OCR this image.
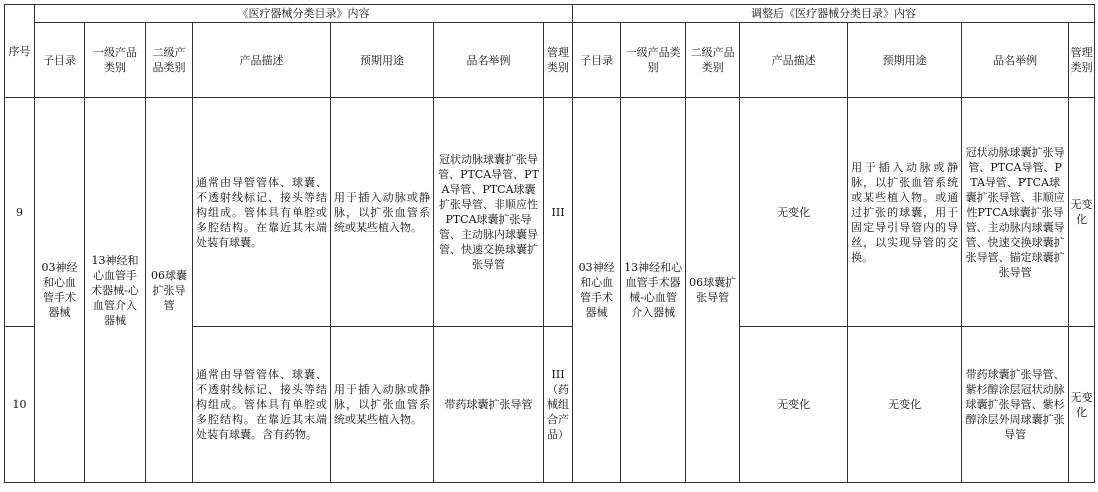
序号	《医疗器械分类目录》内容							调整后《医疗器械分类目录》内容						
	子目录	一级产品类别	二级产品类别	产品描述	预期用途	品名举例	管理类别	子目录	一级产品类别	二级产品类别	产品描述	预期用途	品名举例	管理类别
9	03神经和心血管手术器械	13神经和心血管手术器械-心血管介入器械	06球囊扩张导管	通常由导管管体、球囊、不透射线标记、接头等结构组成。管体具有单腔或多腔结构。在靠近其末端处装有球囊。	用于插入动脉或静脉，以扩张血管系统或某些植入物。	冠状动脉球囊扩张导管、PTCA导管、PTA导管、PTCA球囊扩张导管、非顺应性PTCA球囊扩张导管、主动脉内球囊导管、快速交换球囊扩张导管	III	03神经和心血管手术器械	13神经和心血管手术器械-心血管介入器械	06球囊扩张导管	无变化	用于插入动脉或静脉，以扩张血管系统或某些植入物。或通过扩张的球囊，用于固定导引导管内的导丝，以实现导管的交换。	冠状动脉球囊扩张导管、PTCA导管、PTA导管、PTCA球囊扩张导管、非顺应性PTCA球囊扩张导管、主动脉内球囊导管、快速交换球囊扩张导管、锚定球囊扩张导管	无变化
10				通常由导管管体、球囊、不透射线标记、接头等结构组成。管体具有单腔或多腔结构。在靠近其末端处装有球囊。含有药物。	用于插入动脉或静脉，以扩张血管系统或某些植入物。	带药球囊扩张导管	III（药械组合产品）				无变化	无变化	带药球囊扩张导管、紫杉醇涂层冠状动脉球囊扩张导管、紫杉醇涂层外周球囊扩张导管	无变化
